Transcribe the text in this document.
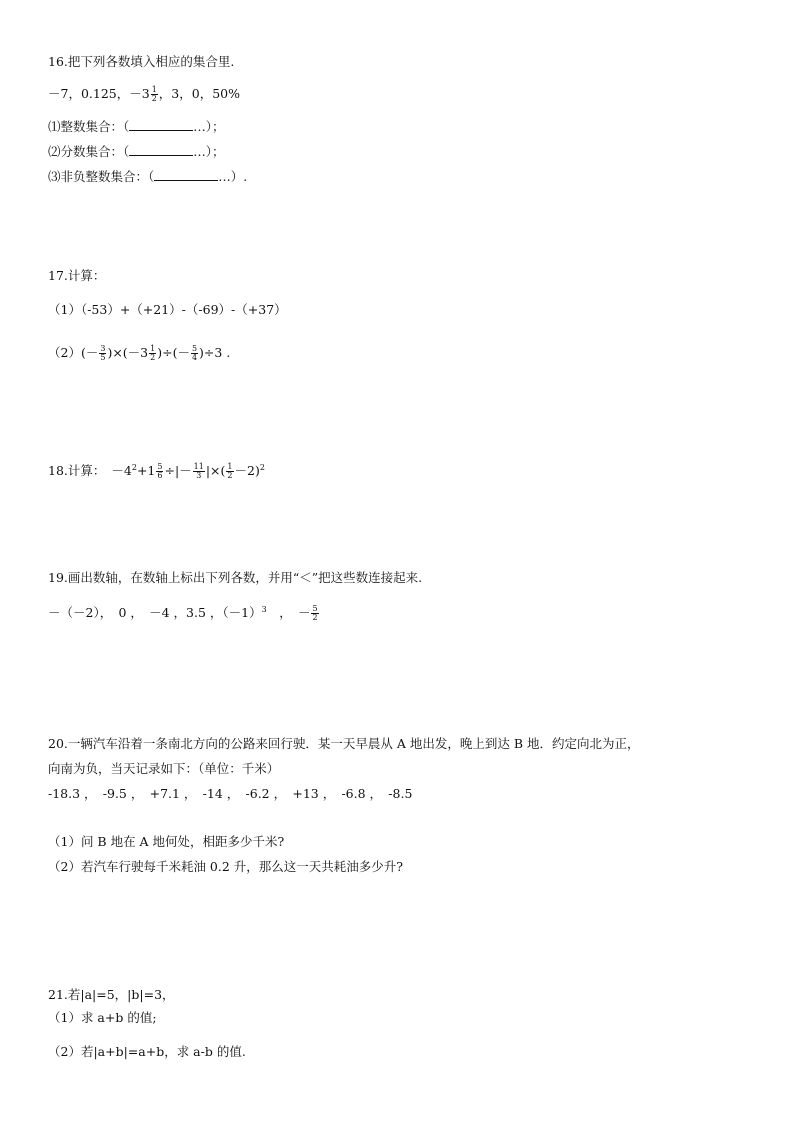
16.把下列各数填入相应的集合里.
－7，0.125，$-3 \frac{1}{2}$ ，3，0，50%
⑴整数集合：（	…）；
⑵分数集合：（	…）；
⑶非负整数集合：（	…）.
17.计算：
（1）（-53）+（+21）-（-69）-（+37）
$(2)(- \frac{3}{5} )\times(-3 \frac{1}{2}$ )÷(－ $\frac{5}{4} )\div 3$ .
18.计算： $-4^2+1 \frac{5}{6}$ ÷|－ $\frac{11}{3}$ |×( $\frac{1}{2} -2)^2$
19.画出数轴，在数轴上标出下列各数，并用“＜”把这些数连接起来.
－（－2），　0 ，　－4 ，3.5 ，$(-1)^3$　，　－ $\frac{5}{2}$
20.一辆汽车沿着一条南北方向的公路来回行驶．某一天早晨从 A 地出发，晚上到达 B 地．约定向北为正，
向南为负，当天记录如下：（单位：千米）
-18.3 ，　-9.5 ，　+7.1 ，　-14 ，　-6.2 ，　+13 ，　-6.8 ，　-8.5
（1）问 B 地在 A 地何处，相距多少千米?
（2）若汽车行驶每千米耗油 0.2 升，那么这一天共耗油多少升?
21.若|a|=5，|b|=3，
（1）求 a+b 的值;
（2）若|a+b|=a+b，求 a-b 的值.
